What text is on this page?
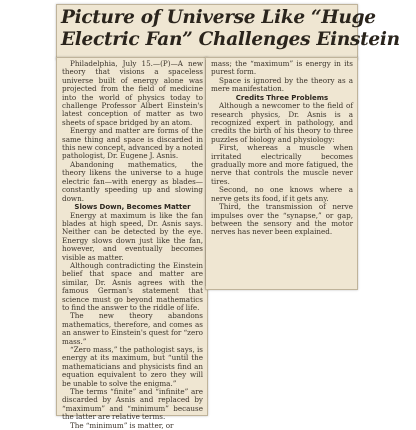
Picture of Universe Like “Huge
Electric Fan” Challenges Einstein

Philadelphia, July 15.—(P)—A new theory that visions a spaceless universe built of energy alone was projected from the field of medicine into the world of physics today to challenge Professor Albert Einstein's latest conception of matter as two sheets of space bridged by an atom.

Energy and matter are forms of the same thing and space is discarded in this new concept, advanced by a noted pathologist, Dr. Eugene J. Asnis.

Abandoning mathematics, the theory likens the universe to a huge electric fan—with energy as blades—constantly speeding up and slowing down.

Slows Down, Becomes Matter

Energy at maximum is like the fan blades at high speed, Dr. Asnis says. Neither can be detected by the eye. Energy slows down just like the fan, however, and eventually becomes visible as matter.

Although contradicting the Einstein belief that space and matter are similar, Dr. Asnis agrees with the famous German's statement that science must go beyond mathematics to find the answer to the riddle of life.

The new theory abandons mathematics, therefore, and comes as an answer to Einstein's quest for “zero mass.”

“Zero mass,” the pathologist says, is energy at its maximum, but “until the mathematicians and physicists find an equation equivalent to zero they will be unable to solve the enigma.”

The terms “finite” and “infinite” are discarded by Asnis and replaced by “maximum” and “minimum” because the latter are relative terms.

The “minimum” is matter, or

mass; the “maximum” is energy in its purest form.

Space is ignored by the theory as a mere manifestation.

Credits Three Problems

Although a newcomer to the field of research physics, Dr. Asnis is a recognized expert in pathology, and credits the birth of his theory to three puzzles of biology and physiology:

First, whereas a muscle when irritated electrically becomes gradually more and more fatigued, the nerve that controls the muscle never tires.

Second, no one knows where a nerve gets its food, if it gets any.

Third, the transmission of nerve impulses over the “synapse,” or gap, between the sensory and the motor nerves has never been explained.
